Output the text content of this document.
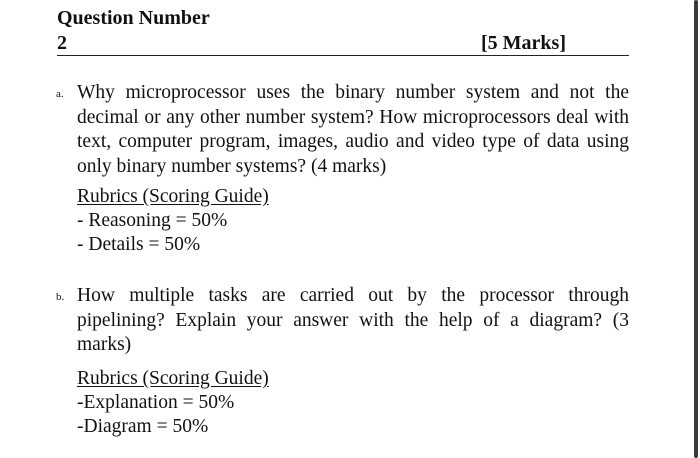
Question Number
2	[5 Marks]
a. Why microprocessor uses the binary number system and not the decimal or any other number system? How microprocessors deal with text, computer program, images, audio and video type of data using only binary number systems? (4 marks)
Rubrics (Scoring Guide)
- Reasoning = 50%
- Details = 50%
b. How multiple tasks are carried out by the processor through pipelining? Explain your answer with the help of a diagram? (3 marks)
Rubrics (Scoring Guide)
-Explanation = 50%
-Diagram = 50%
